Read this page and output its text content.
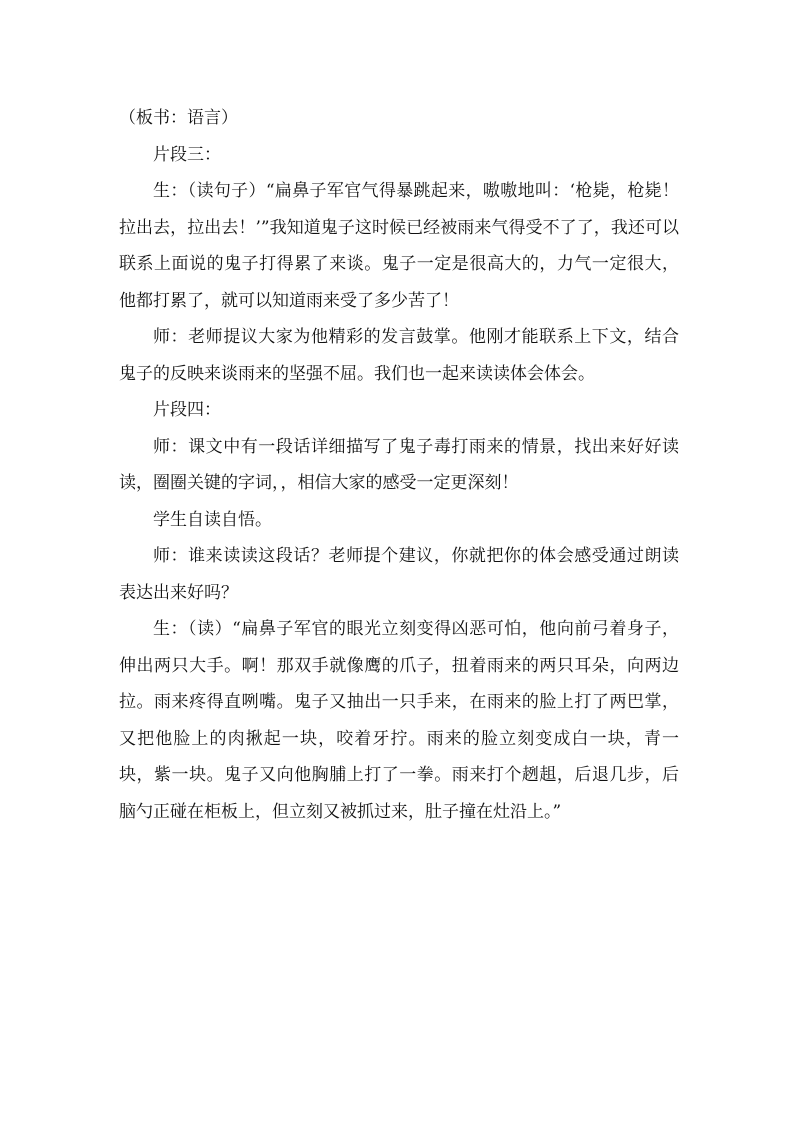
（板书：语言）

片段三：

生：（读句子）“扁鼻子军官气得暴跳起来，嗷嗷地叫：‘枪毙，枪毙！拉出去，拉出去！’”我知道鬼子这时候已经被雨来气得受不了了，我还可以联系上面说的鬼子打得累了来谈。鬼子一定是很高大的，力气一定很大，他都打累了，就可以知道雨来受了多少苦了！

师：老师提议大家为他精彩的发言鼓掌。他刚才能联系上下文，结合鬼子的反映来谈雨来的坚强不屈。我们也一起来读读体会体会。

片段四：

师：课文中有一段话详细描写了鬼子毒打雨来的情景，找出来好好读读，圈圈关键的字词，，相信大家的感受一定更深刻！

学生自读自悟。

师：谁来读读这段话？老师提个建议，你就把你的体会感受通过朗读表达出来好吗？

生：（读）“扁鼻子军官的眼光立刻变得凶恶可怕，他向前弓着身子，伸出两只大手。啊！那双手就像鹰的爪子，扭着雨来的两只耳朵，向两边拉。雨来疼得直咧嘴。鬼子又抽出一只手来，在雨来的脸上打了两巴掌，又把他脸上的肉揪起一块，咬着牙拧。雨来的脸立刻变成白一块，青一块，紫一块。鬼子又向他胸脯上打了一拳。雨来打个趔趄，后退几步，后脑勺正碰在柜板上，但立刻又被抓过来，肚子撞在灶沿上。”
